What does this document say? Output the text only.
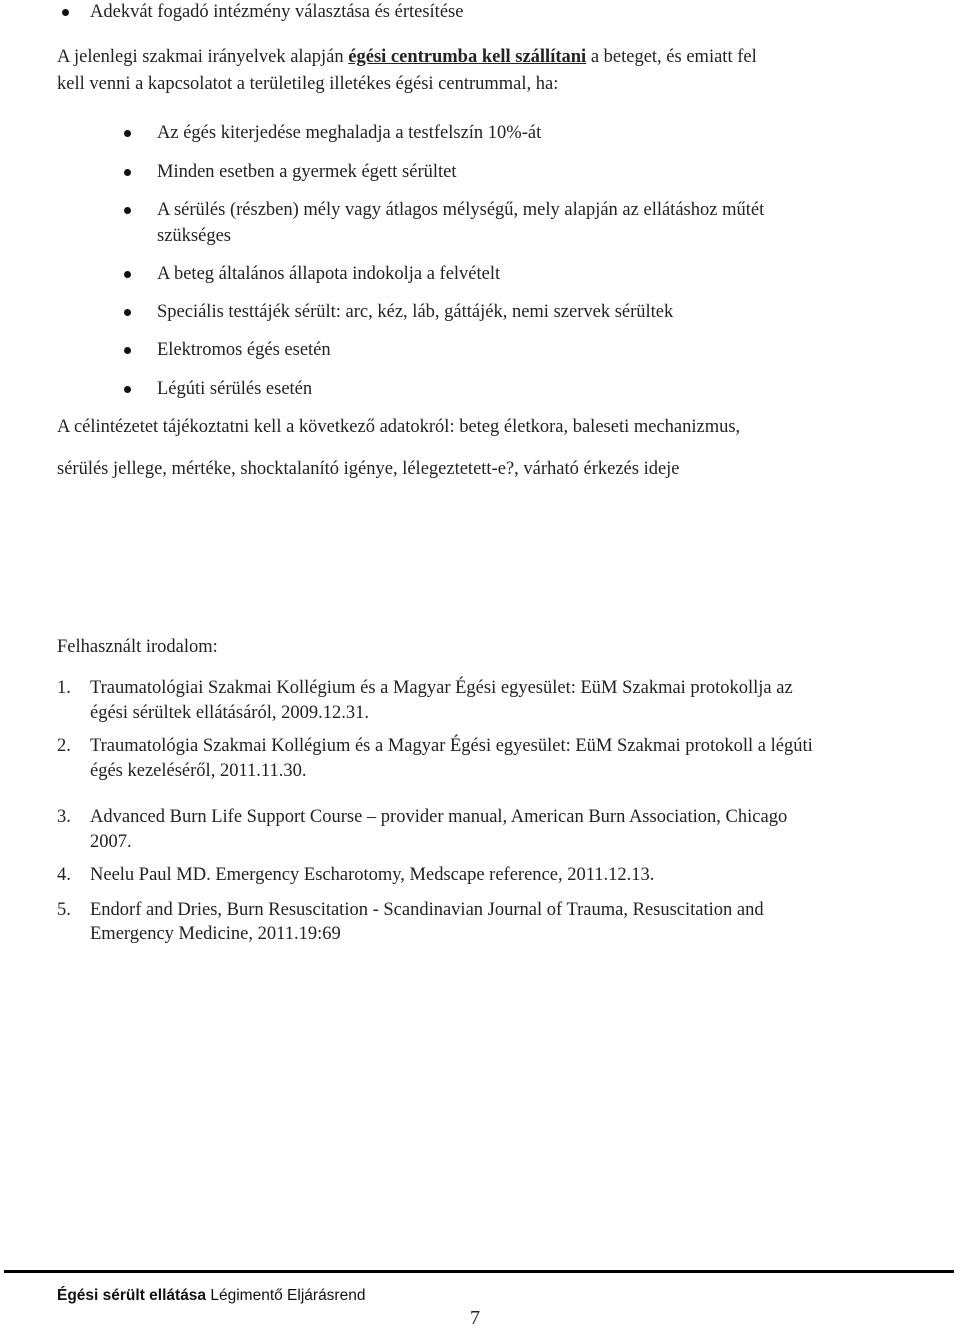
Adekvát fogadó intézmény választása és értesítése
A jelenlegi szakmai irányelvek alapján égési centrumba kell szállítani a beteget, és emiatt fel
kell venni a kapcsolatot a területileg illetékes égési centrummal, ha:
Az égés kiterjedése meghaladja a testfelszín 10%-át
Minden esetben a gyermek égett sérültet
A sérülés (részben) mély vagy átlagos mélységű, mely alapján az ellátáshoz műtét
szükséges
A beteg általános állapota indokolja a felvételt
Speciális testtájék sérült: arc, kéz, láb, gáttájék, nemi szervek sérültek
Elektromos égés esetén
Légúti sérülés esetén
A célintézetet tájékoztatni kell a következő adatokról: beteg életkora, baleseti mechanizmus,
sérülés jellege, mértéke, shocktalanító igénye, lélegeztetett-e?, várható érkezés ideje
Felhasznált irodalom:
1.	Traumatológiai Szakmai Kollégium és a Magyar Égési egyesület: EüM Szakmai protokollja az
égési sérültek ellátásáról, 2009.12.31.
2.	Traumatológia Szakmai Kollégium és a Magyar Égési egyesület: EüM Szakmai protokoll a légúti
égés kezeléséről, 2011.11.30.
3.	Advanced Burn Life Support Course – provider manual, American Burn Association, Chicago
2007.
4.	Neelu Paul MD. Emergency Escharotomy, Medscape reference, 2011.12.13.
5.	Endorf and Dries, Burn Resuscitation - Scandinavian Journal of Trauma, Resuscitation and
Emergency Medicine, 2011.19:69
Égési sérült ellátása Légimentő Eljárásrend
7
